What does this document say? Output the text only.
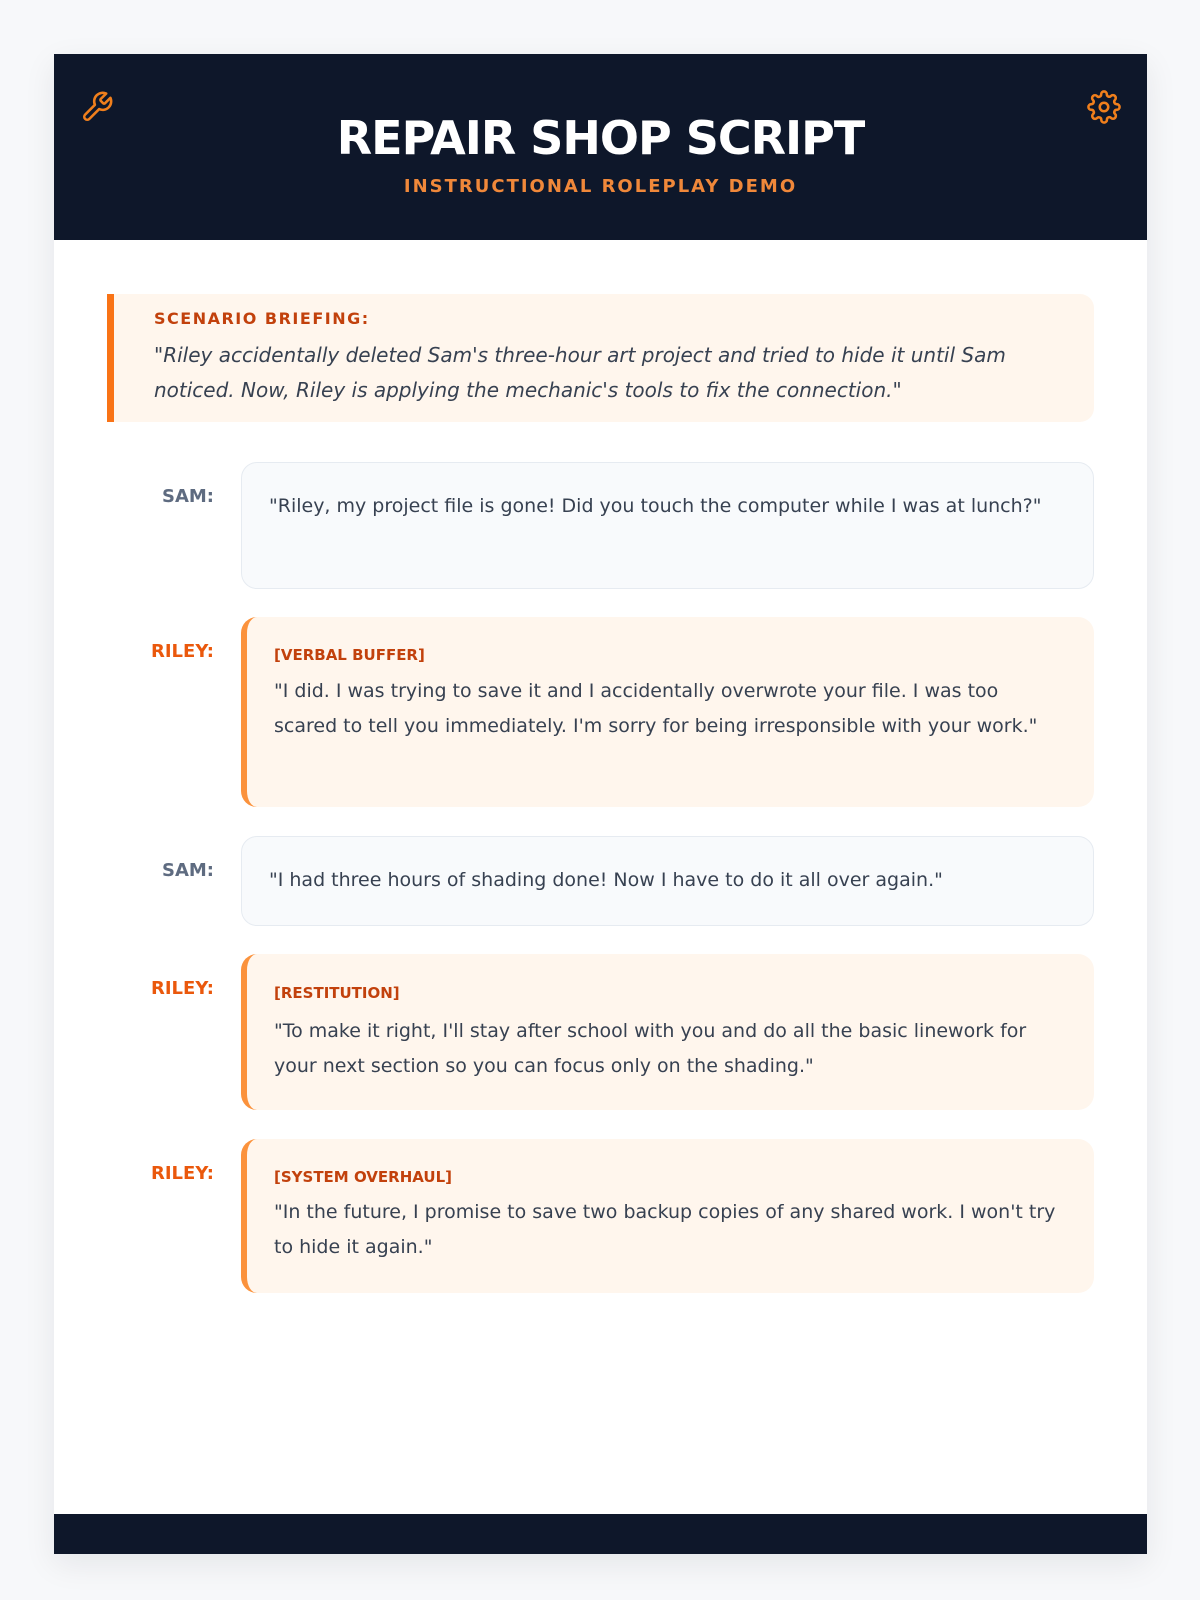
REPAIR SHOP SCRIPT
INSTRUCTIONAL ROLEPLAY DEMO
SCENARIO BRIEFING:
"Riley accidentally deleted Sam's three-hour art project and tried to hide it until Sam noticed. Now, Riley is applying the mechanic's tools to fix the connection."
SAM:	"Riley, my project file is gone! Did you touch the computer while I was at lunch?"
RILEY:	[VERBAL BUFFER]
"I did. I was trying to save it and I accidentally overwrote your file. I was too scared to tell you immediately. I'm sorry for being irresponsible with your work."
SAM:	"I had three hours of shading done! Now I have to do it all over again."
RILEY:	[RESTITUTION]
"To make it right, I'll stay after school with you and do all the basic linework for your next section so you can focus only on the shading."
RILEY:	[SYSTEM OVERHAUL]
"In the future, I promise to save two backup copies of any shared work. I won't try to hide it again."
